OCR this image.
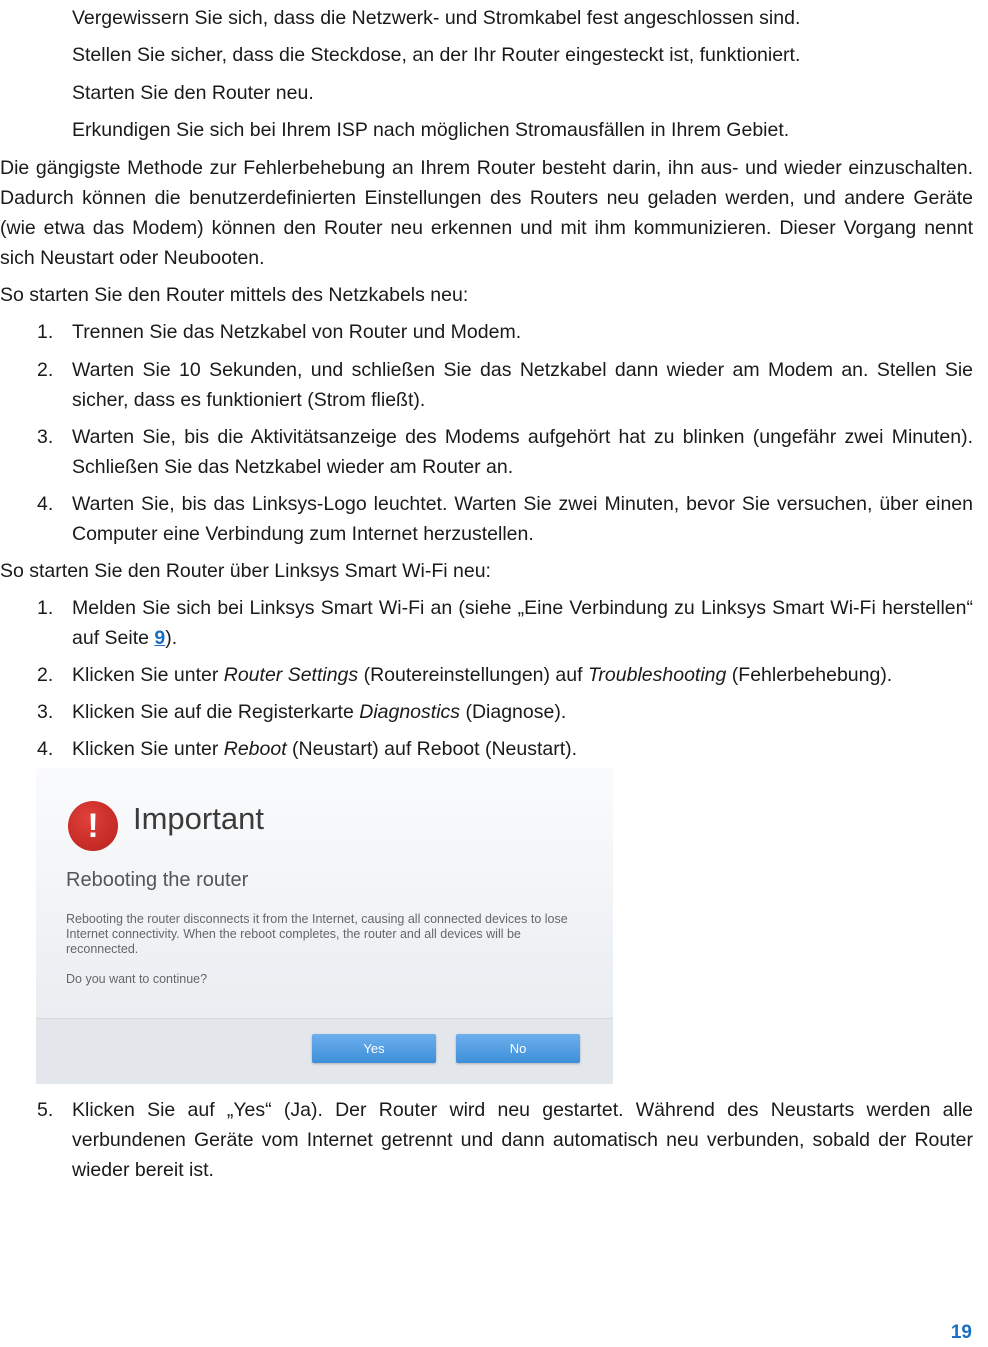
Vergewissern Sie sich, dass die Netzwerk- und Stromkabel fest angeschlossen sind.

Stellen Sie sicher, dass die Steckdose, an der Ihr Router eingesteckt ist, funktioniert.

Starten Sie den Router neu.

Erkundigen Sie sich bei Ihrem ISP nach möglichen Stromausfällen in Ihrem Gebiet.

Die gängigste Methode zur Fehlerbehebung an Ihrem Router besteht darin, ihn aus- und wieder einzuschalten. Dadurch können die benutzerdefinierten Einstellungen des Routers neu geladen werden, und andere Geräte (wie etwa das Modem) können den Router neu erkennen und mit ihm kommunizieren. Dieser Vorgang nennt sich Neustart oder Neubooten.

So starten Sie den Router mittels des Netzkabels neu:

1. Trennen Sie das Netzkabel von Router und Modem.
2. Warten Sie 10 Sekunden, und schließen Sie das Netzkabel dann wieder am Modem an. Stellen Sie sicher, dass es funktioniert (Strom fließt).
3. Warten Sie, bis die Aktivitätsanzeige des Modems aufgehört hat zu blinken (ungefähr zwei Minuten). Schließen Sie das Netzkabel wieder am Router an.
4. Warten Sie, bis das Linksys-Logo leuchtet. Warten Sie zwei Minuten, bevor Sie versuchen, über einen Computer eine Verbindung zum Internet herzustellen.

So starten Sie den Router über Linksys Smart Wi-Fi neu:

1. Melden Sie sich bei Linksys Smart Wi-Fi an (siehe „Eine Verbindung zu Linksys Smart Wi-Fi herstellen“ auf Seite 9).
2. Klicken Sie unter Router Settings (Routereinstellungen) auf Troubleshooting (Fehlerbehebung).
3. Klicken Sie auf die Registerkarte Diagnostics (Diagnose).
4. Klicken Sie unter Reboot (Neustart) auf Reboot (Neustart).
!	Important
Rebooting the router
Rebooting the router disconnects it from the Internet, causing all connected devices to lose Internet connectivity. When the reboot completes, the router and all devices will be reconnected.
Do you want to continue?
Yes	No
5. Klicken Sie auf „Yes“ (Ja). Der Router wird neu gestartet. Während des Neustarts werden alle verbundenen Geräte vom Internet getrennt und dann automatisch neu verbunden, sobald der Router wieder bereit ist.
19
